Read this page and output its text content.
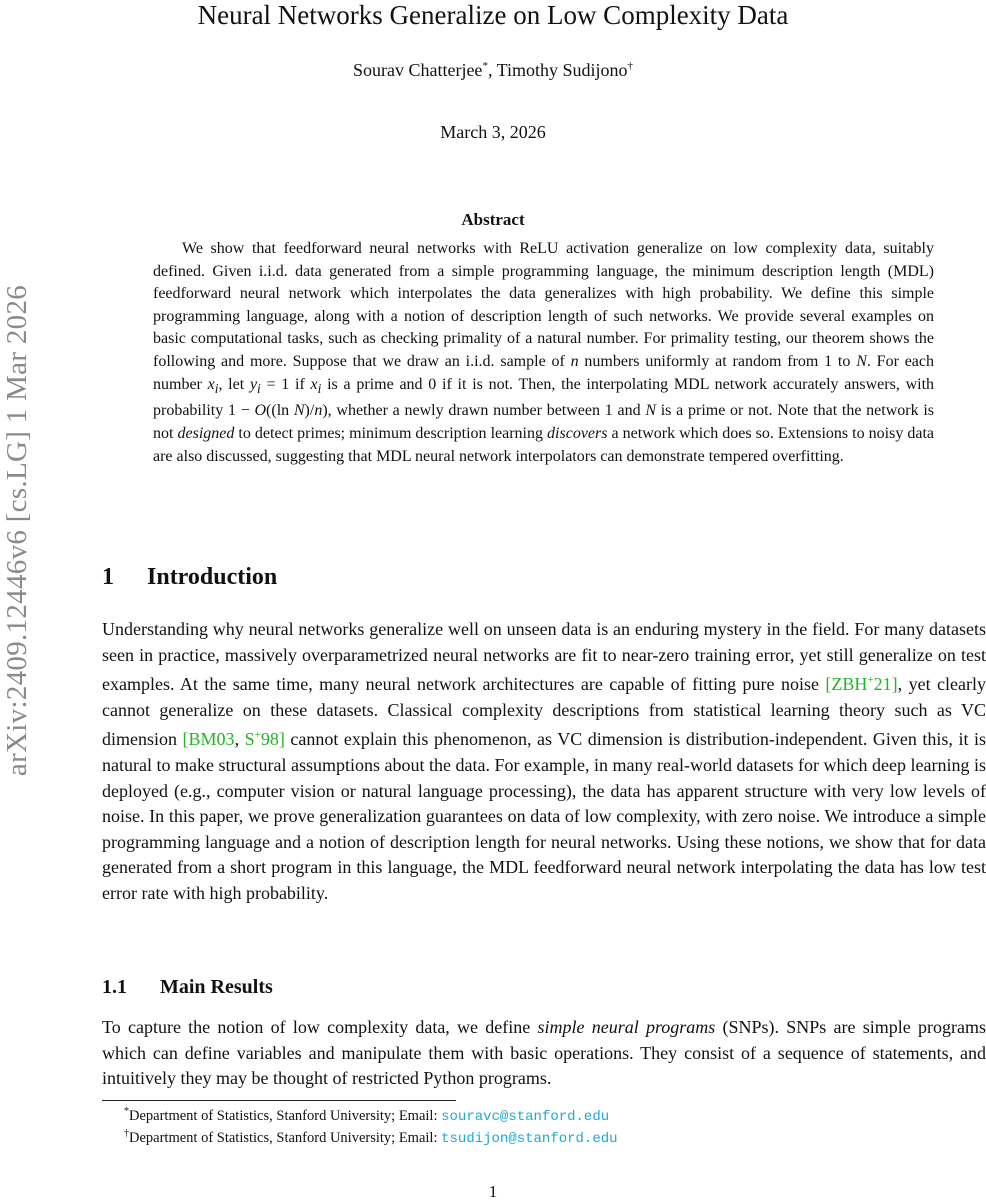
arXiv:2409.12446v6 [cs.LG] 1 Mar 2026
Neural Networks Generalize on Low Complexity Data
Sourav Chatterjee*, Timothy Sudijono†
March 3, 2026
Abstract

We show that feedforward neural networks with ReLU activation generalize on low complexity data, suitably defined. Given i.i.d. data generated from a simple programming language, the minimum description length (MDL) feedforward neural network which interpolates the data generalizes with high probability. We define this simple programming language, along with a notion of description length of such networks. We provide several examples on basic computational tasks, such as checking primality of a natural number. For primality testing, our theorem shows the following and more. Suppose that we draw an i.i.d. sample of n numbers uniformly at random from 1 to N. For each number $x_i$, let $y_i = 1$ if $x_i$ is a prime and 0 if it is not. Then, the interpolating MDL network accurately answers, with probability 1 − O((ln N)/n), whether a newly drawn number between 1 and N is a prime or not. Note that the network is not designed to detect primes; minimum description learning discovers a network which does so. Extensions to noisy data are also discussed, suggesting that MDL neural network interpolators can demonstrate tempered overfitting.

1 Introduction

Understanding why neural networks generalize well on unseen data is an enduring mystery in the field. For many datasets seen in practice, massively overparametrized neural networks are fit to near-zero training error, yet still generalize on test examples. At the same time, many neural network architectures are capable of fitting pure noise [ZBH+21], yet clearly cannot generalize on these datasets. Classical complexity descriptions from statistical learning theory such as VC dimension [BM03, S+98] cannot explain this phenomenon, as VC dimension is distribution-independent. Given this, it is natural to make structural assumptions about the data. For example, in many real-world datasets for which deep learning is deployed (e.g., computer vision or natural language processing), the data has apparent structure with very low levels of noise. In this paper, we prove generalization guarantees on data of low complexity, with zero noise. We introduce a simple programming language and a notion of description length for neural networks. Using these notions, we show that for data generated from a short program in this language, the MDL feedforward neural network interpolating the data has low test error rate with high probability.

1.1 Main Results

To capture the notion of low complexity data, we define simple neural programs (SNPs). SNPs are simple programs which can define variables and manipulate them with basic operations. They consist of a sequence of statements, and intuitively they may be thought of restricted Python programs.

*Department of Statistics, Stanford University; Email: souravc@stanford.edu
†Department of Statistics, Stanford University; Email: tsudijon@stanford.edu
1
